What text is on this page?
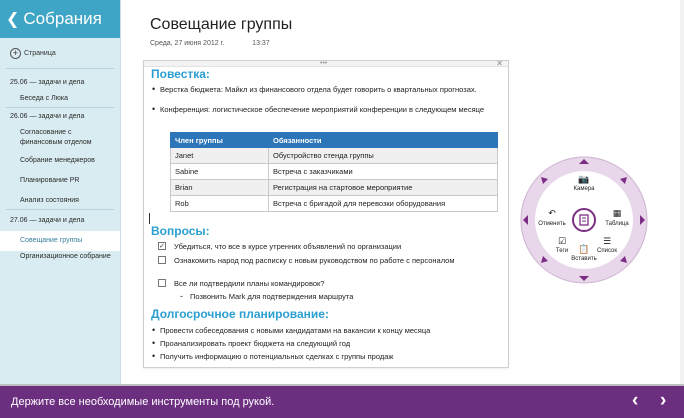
❮ Собрания
+ Страница
25.06 — задачи и дела
Беседа с Люка
26.06 — задачи и дела
Согласование с финансовым отделом
Собрание менеджеров
Планирование PR
Анализ состояния
27.06 — задачи и дела
Совещание группы
Организационное собрание
Совещание группы
Среда, 27 июня 2012 г.	13:37
• • •	✕
Повестка:
• Верстка бюджета: Майкл из финансового отдела будет говорить о квартальных прогнозах.
• Конференция: логистическое обеспечение мероприятий конференции в следующем месяце
Член группы	Обязанности
Janet	Обустройство стенда группы
Sabine	Встреча с заказчиками
Brian	Регистрация на стартовое мероприятие
Rob	Встреча с бригадой для перевозки оборудования
Вопросы:
✓ Убедиться, что все в курсе утренних объявлений по организации
Ознакомить народ под расписку с новым руководством по работе с персоналом
Все ли подтвердили планы командировок?
- Позвонить Mark для подтверждения маршрута
Долгосрочное планирование:
• Провести собеседования с новыми кандидатами на вакансии к концу месяца
• Проанализировать проект бюджета на следующий год
• Получить информацию о потенциальных сделках с группы продаж
📷
Камера
↶
Отменить
▦
Таблица
☑
Теги	📋
Вставить
☰
Список
Держите все необходимые инструменты под рукой.	‹ ›
